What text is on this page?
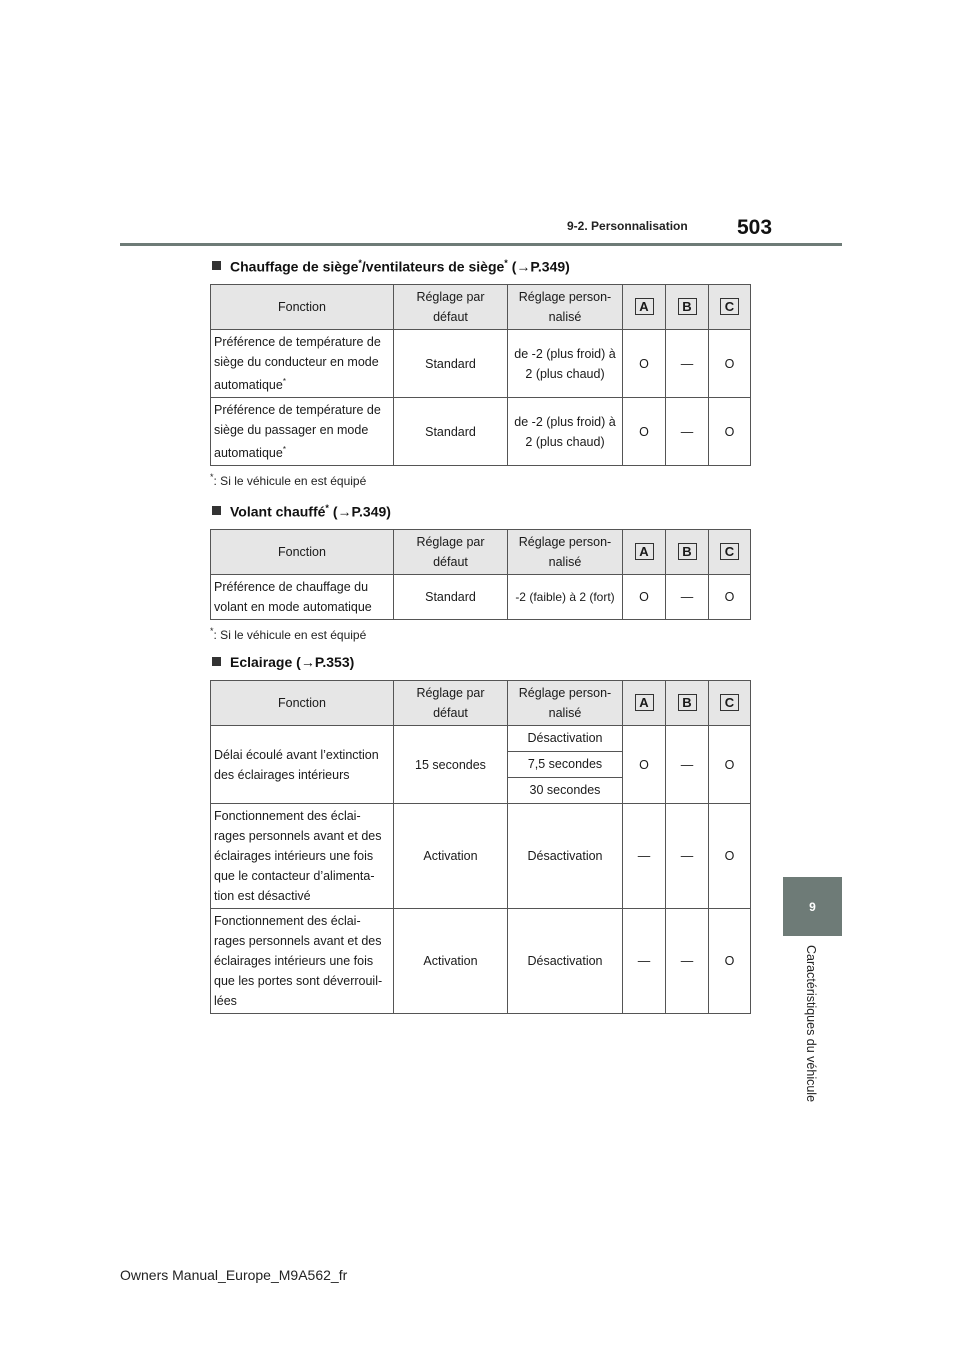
9-2. Personnalisation 503
9
Caractéristiques du véhicule
Chauffage de siège*/ventilateurs de siège* (→P.349)
Fonction	Réglage par
défaut	Réglage person-
nalisé	A	B	C
Préférence de température de
siège du conducteur en mode
automatique*	Standard	de -2 (plus froid) à
2 (plus chaud)	O	—	O
Préférence de température de
siège du passager en mode
automatique*	Standard	de -2 (plus froid) à
2 (plus chaud)	O	—	O
*: Si le véhicule en est équipé
Volant chauffé* (→P.349)
Fonction	Réglage par
défaut	Réglage person-
nalisé	A	B	C
Préférence de chauffage du
volant en mode automatique	Standard	-2 (faible) à 2 (fort)	O	—	O
*: Si le véhicule en est équipé
Eclairage (→P.353)
Fonction	Réglage par
défaut	Réglage person-
nalisé	A	B	C
Délai écoulé avant l’extinction
des éclairages intérieurs	15 secondes	Désactivation	O	—	O
		7,5 secondes			
		30 secondes			
Fonctionnement des éclai-
rages personnels avant et des
éclairages intérieurs une fois
que le contacteur d’alimenta-
tion est désactivé	Activation	Désactivation	—	—	O
Fonctionnement des éclai-
rages personnels avant et des
éclairages intérieurs une fois
que les portes sont déverrouil-
lées	Activation	Désactivation	—	—	O
Owners Manual_Europe_M9A562_fr
